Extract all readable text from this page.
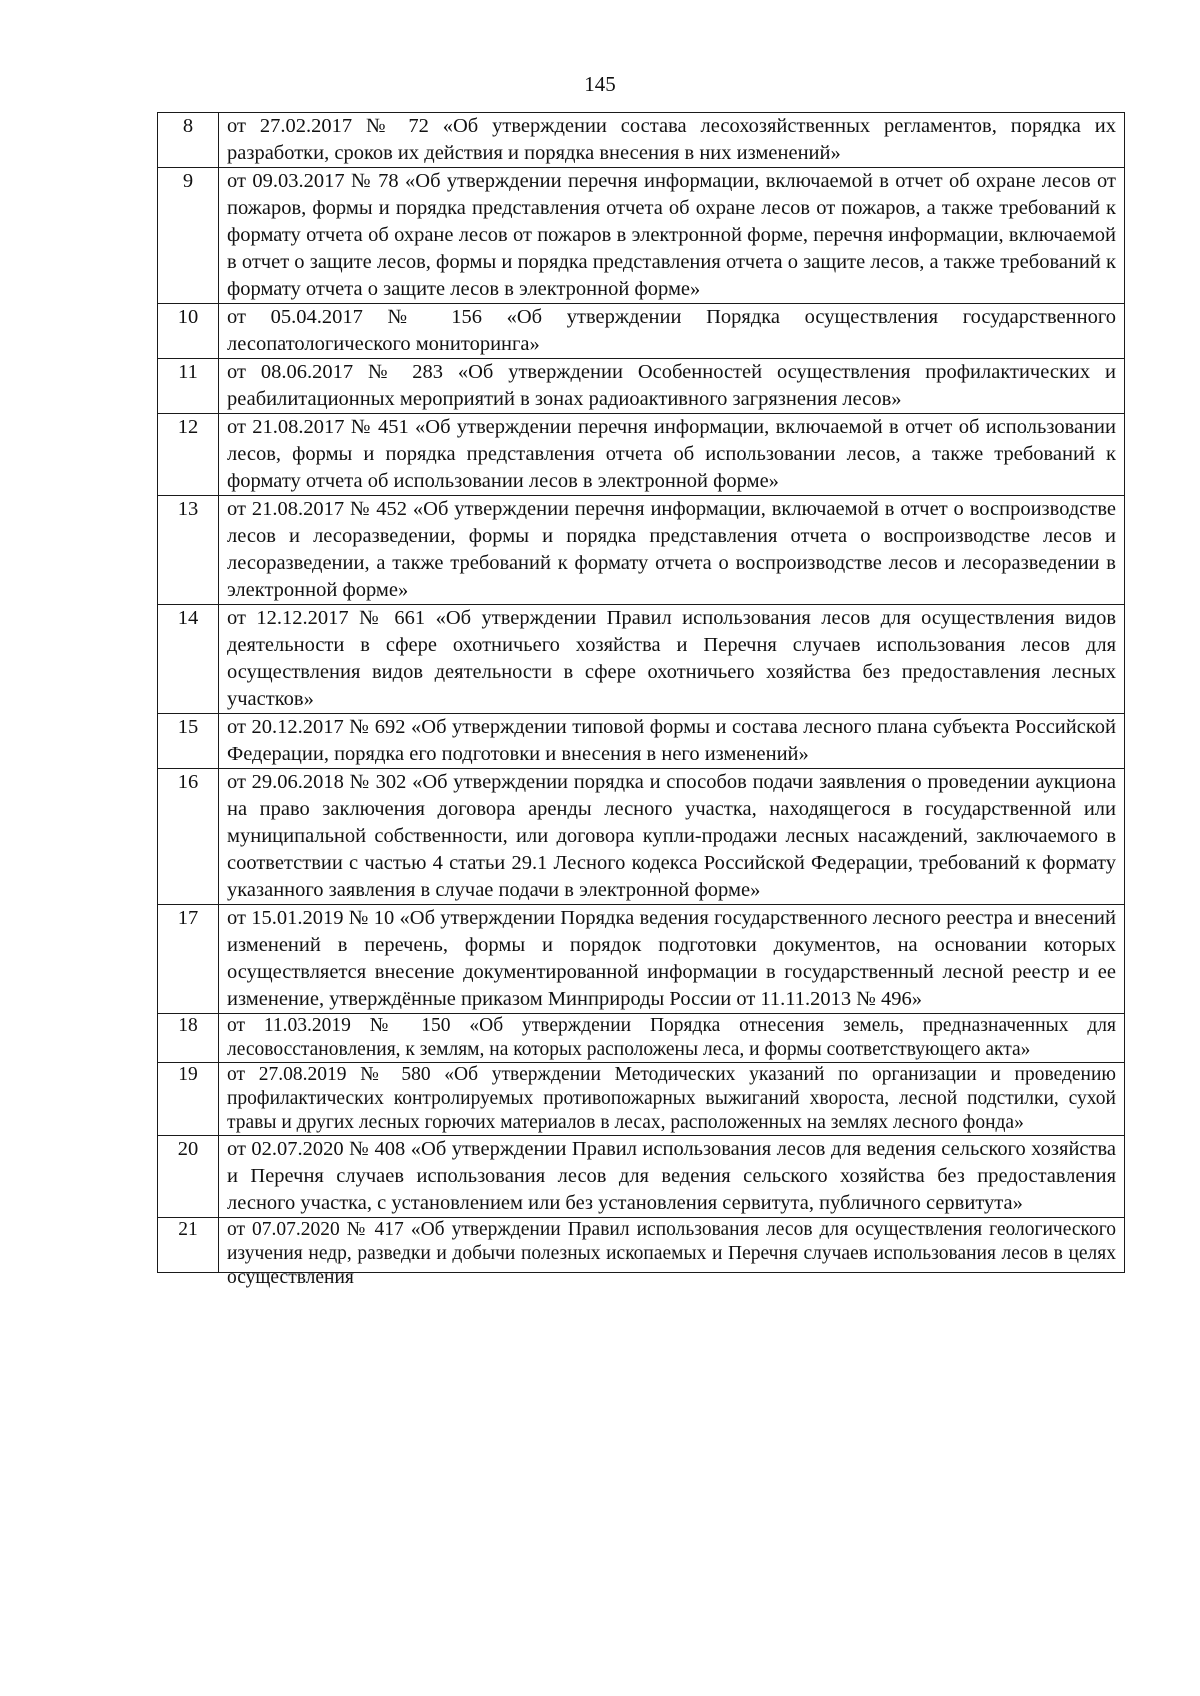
145
8	от 27.02.2017 № 72 «Об утверждении состава лесохозяйственных регламентов, порядка их разработки, сроков их действия и порядка внесения в них изменений»

9	от 09.03.2017 № 78 «Об утверждении перечня информации, включаемой в отчет об охране лесов от пожаров, формы и порядка представления отчета об охране лесов от пожаров, а также требований к формату отчета об охране лесов от пожаров в электронной форме, перечня информации, включаемой в отчет о защите лесов, формы и порядка представления отчета о защите лесов, а также требований к формату отчета о защите лесов в электронной форме»

10	от 05.04.2017 № 156 «Об утверждении Порядка осуществления государственного лесопатологического мониторинга»

11	от 08.06.2017 № 283 «Об утверждении Особенностей осуществления профилактических и реабилитационных мероприятий в зонах радиоактивного загрязнения лесов»

12	от 21.08.2017 № 451 «Об утверждении перечня информации, включаемой в отчет об использовании лесов, формы и порядка представления отчета об использовании лесов, а также требований к формату отчета об использовании лесов в электронной форме»

13	от 21.08.2017 № 452 «Об утверждении перечня информации, включаемой в отчет о воспроизводстве лесов и лесоразведении, формы и порядка представления отчета о воспроизводстве лесов и лесоразведении, а также требований к формату отчета о воспроизводстве лесов и лесоразведении в электронной форме»

14	от 12.12.2017 № 661 «Об утверждении Правил использования лесов для осуществления видов деятельности в сфере охотничьего хозяйства и Перечня случаев использования лесов для осуществления видов деятельности в сфере охотничьего хозяйства без предоставления лесных участков»

15	от 20.12.2017 № 692 «Об утверждении типовой формы и состава лесного плана субъекта Российской Федерации, порядка его подготовки и внесения в него изменений»

16	от 29.06.2018 № 302 «Об утверждении порядка и способов подачи заявления о проведении аукциона на право заключения договора аренды лесного участка, находящегося в государственной или муниципальной собственности, или договора купли-продажи лесных насаждений, заключаемого в соответствии с частью 4 статьи 29.1 Лесного кодекса Российской Федерации, требований к формату указанного заявления в случае подачи в электронной форме»

17	от 15.01.2019 № 10 «Об утверждении Порядка ведения государственного лесного реестра и внесений изменений в перечень, формы и порядок подготовки документов, на основании которых осуществляется внесение документированной информации в государственный лесной реестр и ее изменение, утверждённые приказом Минприроды России от 11.11.2013 № 496»

18	от 11.03.2019 № 150 «Об утверждении Порядка отнесения земель, предназначенных для лесовосстановления, к землям, на которых расположены леса, и формы соответствующего акта»

19	от 27.08.2019 № 580 «Об утверждении Методических указаний по организации и проведению профилактических контролируемых противопожарных выжиганий хвороста, лесной подстилки, сухой травы и других лесных горючих материалов в лесах, расположенных на землях лесного фонда»

20	от 02.07.2020 № 408 «Об утверждении Правил использования лесов для ведения сельского хозяйства и Перечня случаев использования лесов для ведения сельского хозяйства без предоставления лесного участка, с установлением или без установления сервитута, публичного сервитута»

21	от 07.07.2020 № 417 «Об утверждении Правил использования лесов для осуществления геологического изучения недр, разведки и добычи полезных ископаемых и Перечня случаев использования лесов в целях осуществления
